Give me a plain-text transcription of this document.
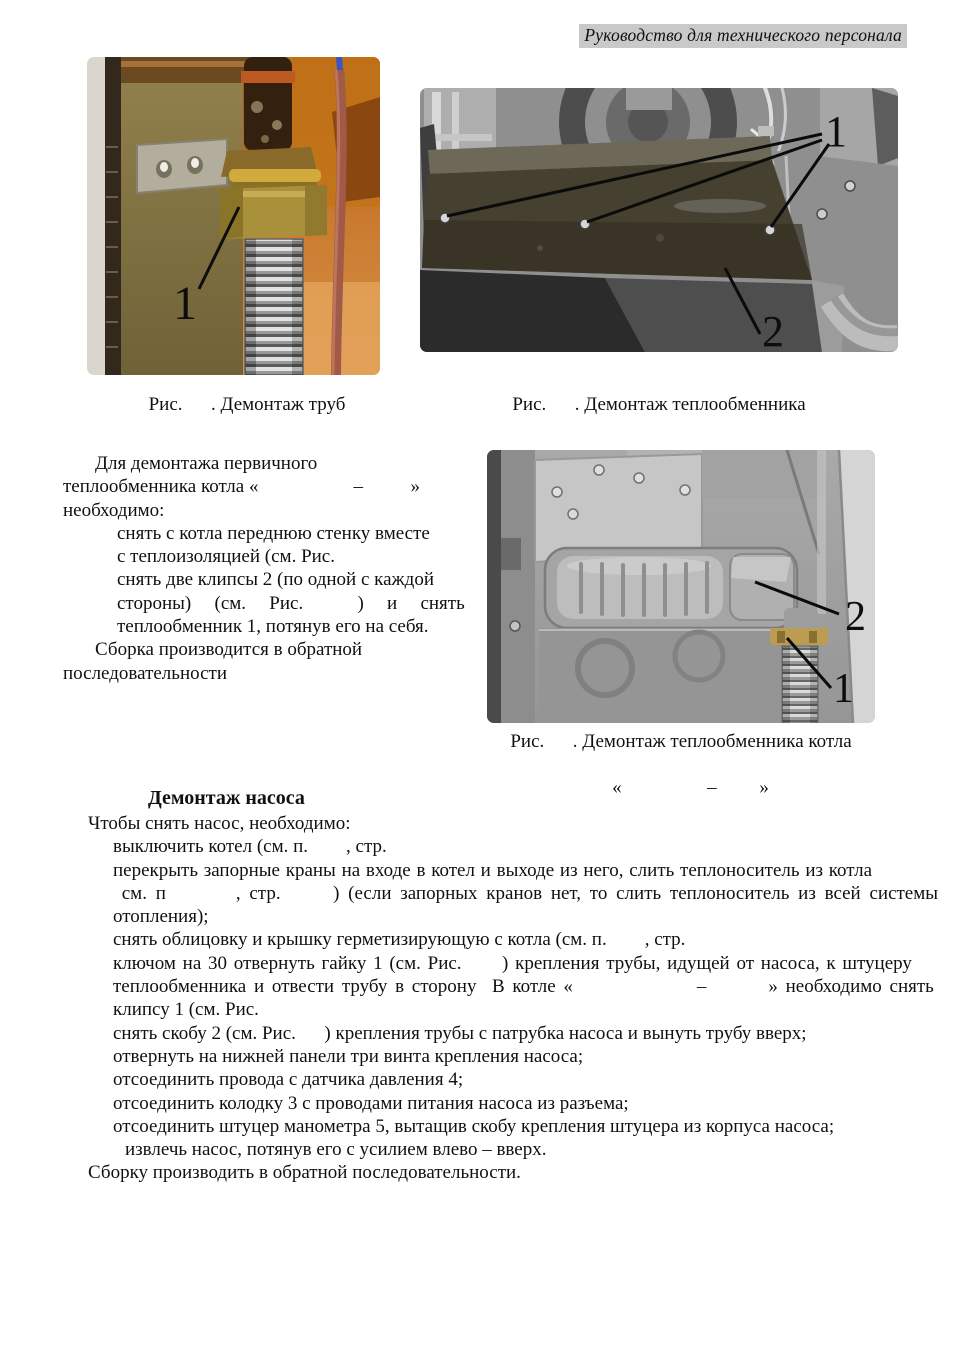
Руководство для технического персонала
1
1
2
Рис.      . Демонтаж труб	Рис.      . Демонтаж теплообменника
Для демонтажа первичного
теплообменника котла «                    –          »
необходимо:
снять с котла переднюю стенку вместе
с теплоизоляцией (см. Рис.
снять две клипсы 2 (по одной с каждой
стороны)   (см.   Рис.       )   и   снять
теплообменник 1, потянув его на себя.
Сборка производится в обратной
последовательности
2
1
Рис.      . Демонтаж теплообменника котла

«                  –         »
Демонтаж насоса
Чтобы снять насос, необходимо:
выключить котел (см. п.        , стр.
перекрыть запорные краны на входе в котел и выходе из него, слить теплоноситель из котла
см. п        , стр.      ) (если запорных кранов нет, то слить теплоноситель из всей системы
отопления);
снять облицовку и крышку герметизирующую с котла (см. п.        , стр.
ключом на 30 отвернуть гайку 1 (см. Рис.      ) крепления трубы, идущей от насоса, к штуцеру
теплообменника и отвести трубу в сторону  В котле «                –        » необходимо снять
клипсу 1 (см. Рис.
снять скобу 2 (см. Рис.      ) крепления трубы с патрубка насоса и вынуть трубу вверх;
отвернуть на нижней панели три винта крепления насоса;
отсоединить провода с датчика давления 4;
отсоединить колодку 3 с проводами питания насоса из разъема;
отсоединить штуцер манометра 5, вытащив скобу крепления штуцера из корпуса насоса;
извлечь насос, потянув его с усилием влево – вверх.
Сборку производить в обратной последовательности.
